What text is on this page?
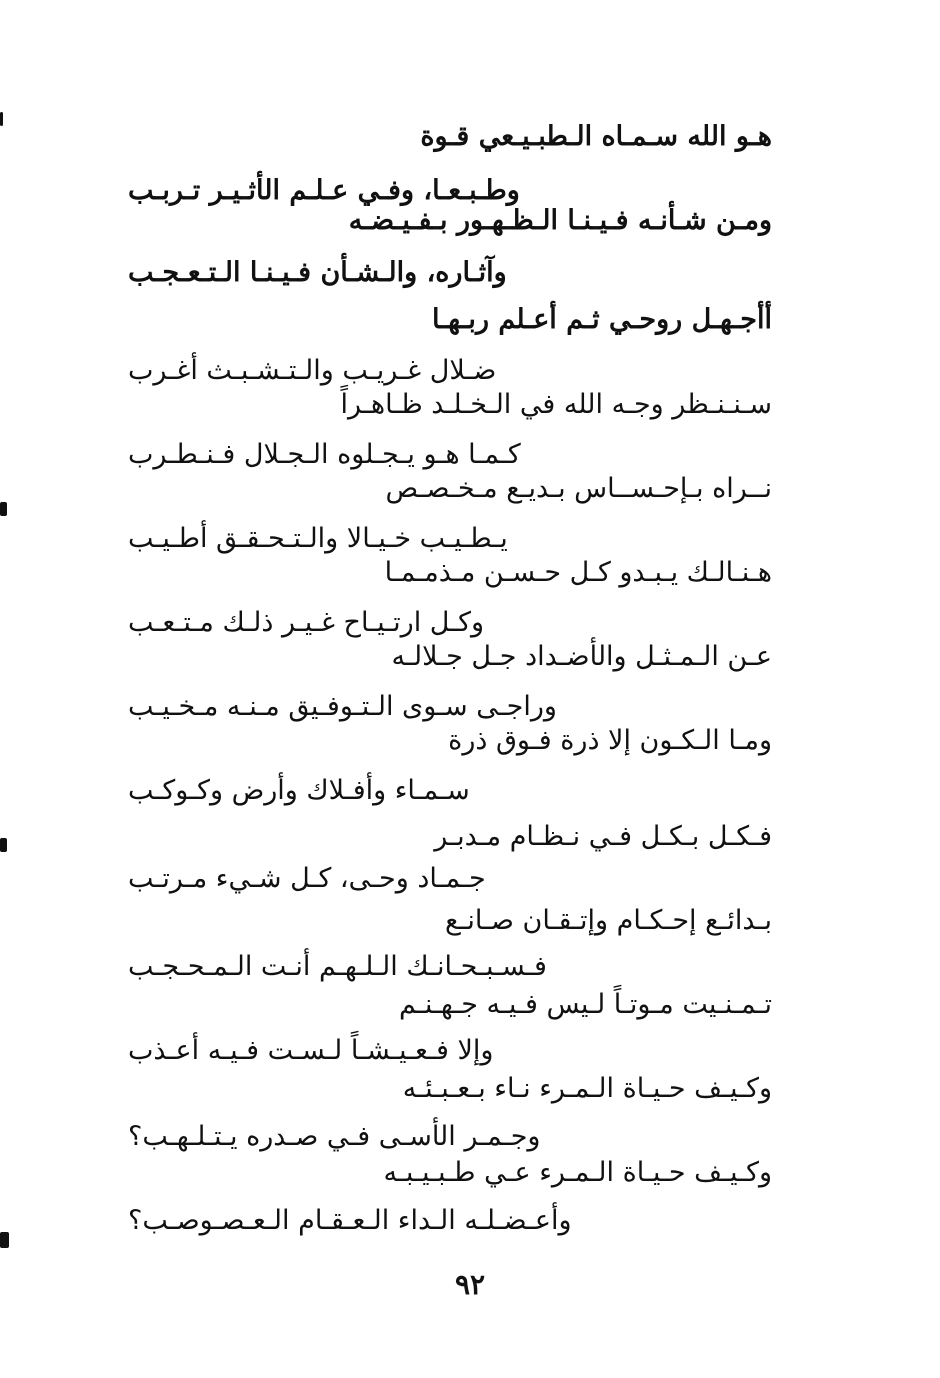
هـو الله سـمـاه الـطبـيـعي قـوة
وطـبـعـا، وفـي عـلـم الأثـيـر تـربـب
ومـن شـأنـه فـيـنـا الـظـهـور بـفـيـضـه
وآثـاره، والـشـأن فـيـنـا الـتـعـجـب
أأجـهـل روحـي ثـم أعـلم ربـهـا
ضـلال غـريـب والـتـشـبـث أغـرب
سـنـنـظر وجـه الله في الـخـلـد ظـاهـراً
كـمـا هـو يـجـلوه الـجـلال فـنـطـرب
نــراه بـإحـســاس بـديـع مـخـصـص
يـطـيـب خـيـالا والـتـحـقـق أطـيـب
هـنـالـك يـبـدو كـل حـسـن مـذمـمـا
وكـل ارتـيـاح غـيـر ذلـك مـتـعـب
عـن الـمـثـل والأضـداد جـل جـلالـه
وراجـى سـوى الـتـوفـيق مـنـه مـخـيـب
ومـا الـكـون إلا ذرة فـوق ذرة
سـمـاء وأفـلاك وأرض وكـوكـب
فـكـل بـكـل فـي نـظـام مـدبـر
جـمـاد وحـى، كـل شـيء مـرتـب
بـدائـع إحـكـام وإتـقـان صـانـع
فـسـبـحـانـك الـلـهـم أنـت الـمـحـجـب
تـمـنـيت مـوتـاً لـيس فـيـه جـهـنـم
وإلا فـعـيـشـاً لـسـت فـيـه أعـذب
وكـيـف حـيـاة الـمـرء نـاء بـعـبـئـه
وجـمـر الأسـى فـي صـدره يـتـلـهـب؟
وكـيـف حـيـاة الـمـرء عـي طـبـيـبـه
وأعـضـلـه الـداء الـعـقـام الـعـصـوصـب؟
٩٢
